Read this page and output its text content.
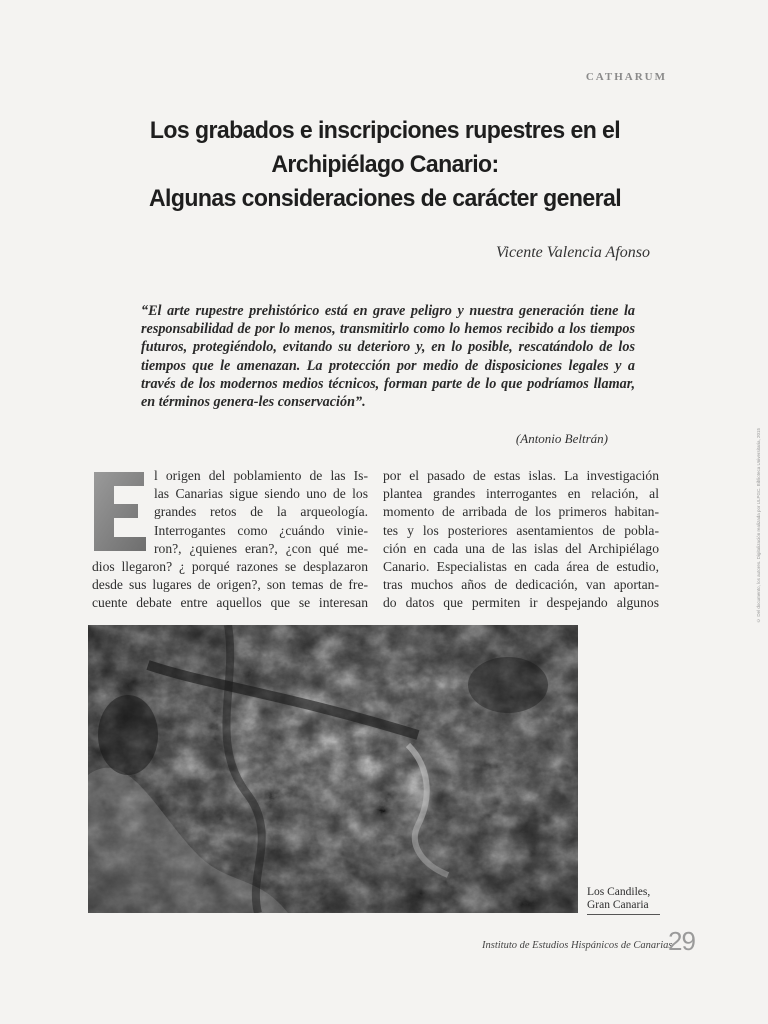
CATHARUM
Los grabados e inscripciones rupestres en el
Archipiélago Canario:
Algunas consideraciones de carácter general
Vicente Valencia Afonso
“El arte rupestre prehistórico está en grave peligro y nuestra generación tiene la responsabilidad de por lo menos, transmitirlo como lo hemos recibido a los tiempos futuros, protegiéndolo, evitando su deterioro y, en lo posible, rescatándolo de los tiempos que le amenazan. La protección por medio de disposiciones legales y a través de los modernos medios técnicos, forman parte de lo que podríamos llamar, en términos genera-les conservación”.
(Antonio Beltrán)
l origen del poblamiento de las Is-
las Canarias sigue siendo uno de los
grandes retos de la arqueología.
Interrogantes como ¿cuándo vinie-
ron?, ¿quienes eran?, ¿con qué me-
dios llegaron? ¿ porqué razones se desplazaron
desde sus lugares de origen?, son temas de fre-
cuente debate entre aquellos que se interesan
por el pasado de estas islas. La investigación
plantea grandes interrogantes en relación, al
momento de arribada de los primeros habitan-
tes y los posteriores asentamientos de pobla-
ción en cada una de las islas del Archipiélago
Canario. Especialistas en cada área de estudio,
tras muchos años de dedicación, van aportan-
do datos que permiten ir despejando algunos
Los Candiles,
Gran Canaria
Instituto de Estudios Hispánicos de Canarias
29
© Del documento, los autores. Digitalización realizada por ULPGC. Biblioteca Universitaria, 2015
